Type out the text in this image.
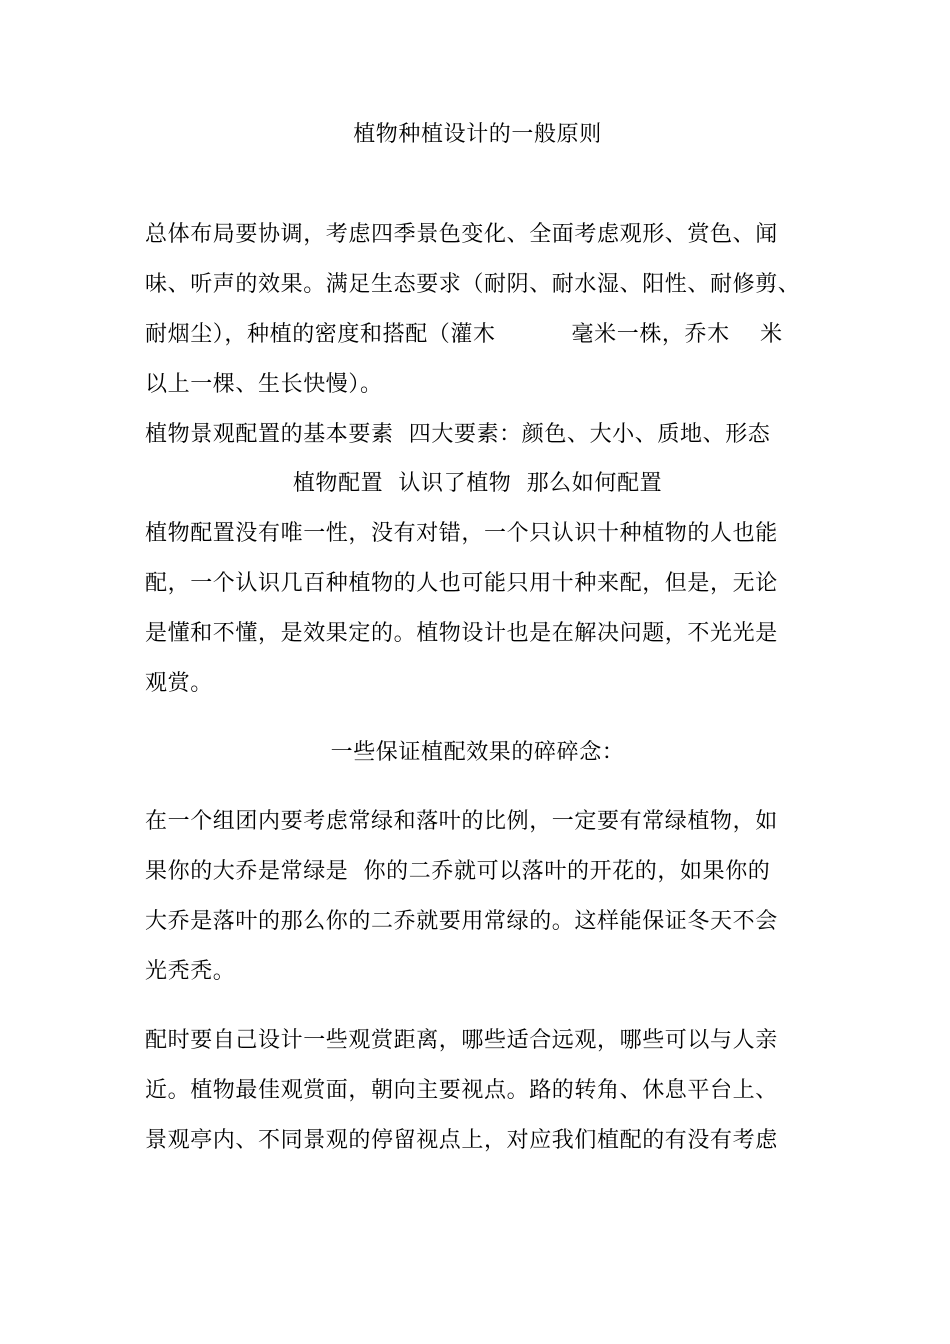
植物种植设计的一般原则
总体布局要协调，考虑四季景色变化、全面考虑观形、赏色、闻
味、听声的效果。满足生态要求（耐阴、耐水湿、阳性、耐修剪、
耐烟尘），种植的密度和搭配（灌木          毫米一株，乔木    米
以上一棵、生长快慢）。
植物景观配置的基本要素  四大要素：颜色、大小、质地、形态
植物配置  认识了植物  那么如何配置
植物配置没有唯一性，没有对错，一个只认识十种植物的人也能
配，一个认识几百种植物的人也可能只用十种来配，但是，无论
是懂和不懂，是效果定的。植物设计也是在解决问题，不光光是
观赏。
一些保证植配效果的碎碎念：
在一个组团内要考虑常绿和落叶的比例，一定要有常绿植物，如
果你的大乔是常绿是  你的二乔就可以落叶的开花的，如果你的
大乔是落叶的那么你的二乔就要用常绿的。这样能保证冬天不会
光秃秃。
配时要自己设计一些观赏距离，哪些适合远观，哪些可以与人亲
近。植物最佳观赏面，朝向主要视点。路的转角、休息平台上、
景观亭内、不同景观的停留视点上，对应我们植配的有没有考虑
